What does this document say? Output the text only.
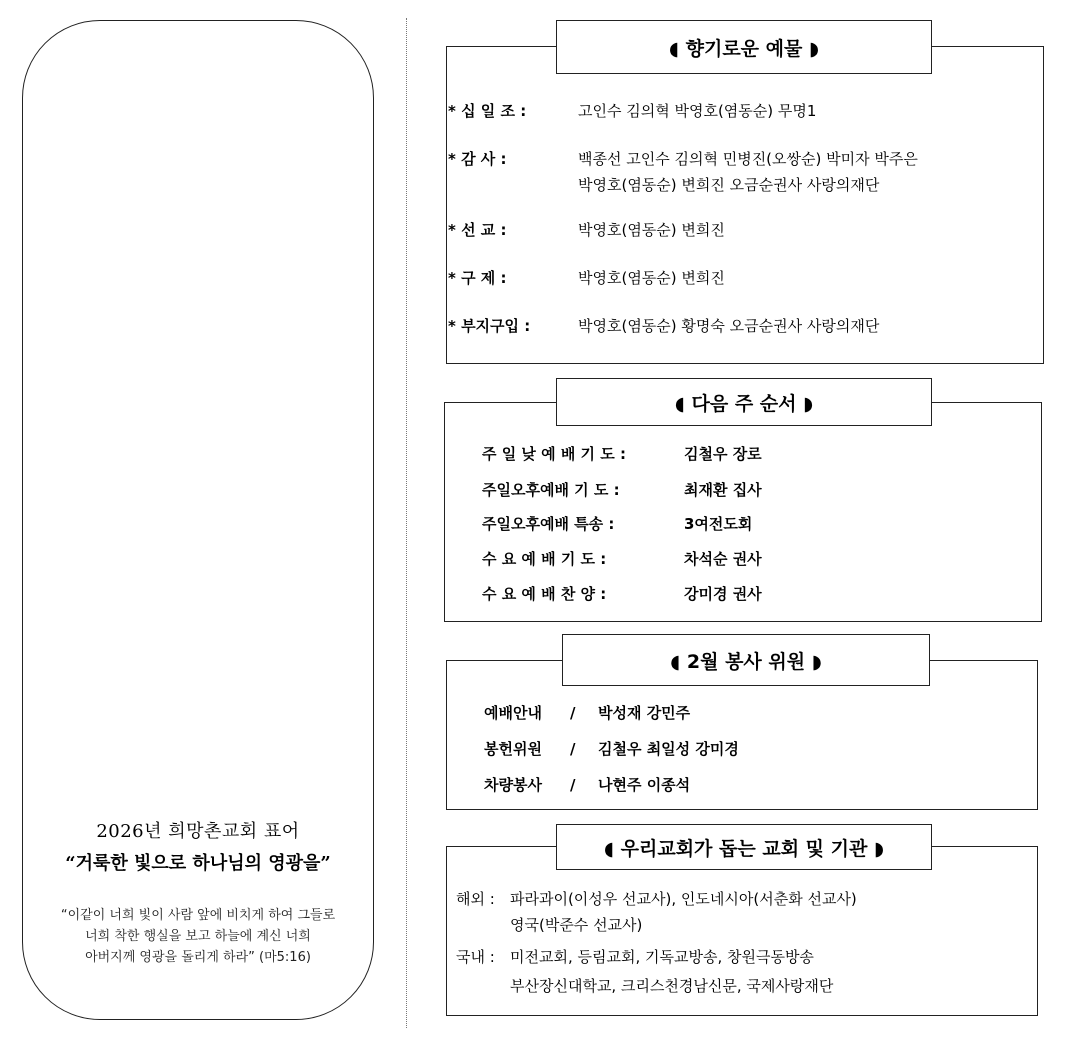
2026년 희망촌교회 표어
“거룩한 빛으로 하나님의 영광을”
“이같이 너희 빛이 사람 앞에 비치게 하여 그들로
너희 착한 행실을 보고 하늘에 계신 너희
아버지께 영광을 돌리게 하라” (마5:16)
◖ 향기로운 예물 ◗
* 십 일 조 :	고인수 김의혁 박영호(염동순) 무명1
* 감 사 :	백종선 고인수 김의혁 민병진(오쌍순) 박미자 박주은
박영호(염동순) 변희진 오금순권사 사랑의재단
* 선 교 :	박영호(염동순) 변희진
* 구 제 :	박영호(염동순) 변희진
* 부지구입 :	박영호(염동순) 황명숙 오금순권사 사랑의재단
◖ 다음 주 순서 ◗
주 일 낮 예 배 기 도 :	김철우 장로
주일오후예배 기 도 :	최재환 집사
주일오후예배 특송 :	3여전도회
수 요 예 배 기 도 :	차석순 권사
수 요 예 배 찬 양 :	강미경 권사
◖ 2월 봉사 위원 ◗
예배안내 / 박성재 강민주
봉헌위원 / 김철우 최일성 강미경
차량봉사 / 나현주 이종석
◖ 우리교회가 돕는 교회 및 기관 ◗
해외 : 파라과이(이성우 선교사), 인도네시아(서춘화 선교사)
영국(박준수 선교사)
국내 : 미전교회, 등림교회, 기독교방송, 창원극동방송
부산장신대학교, 크리스천경남신문, 국제사랑재단
